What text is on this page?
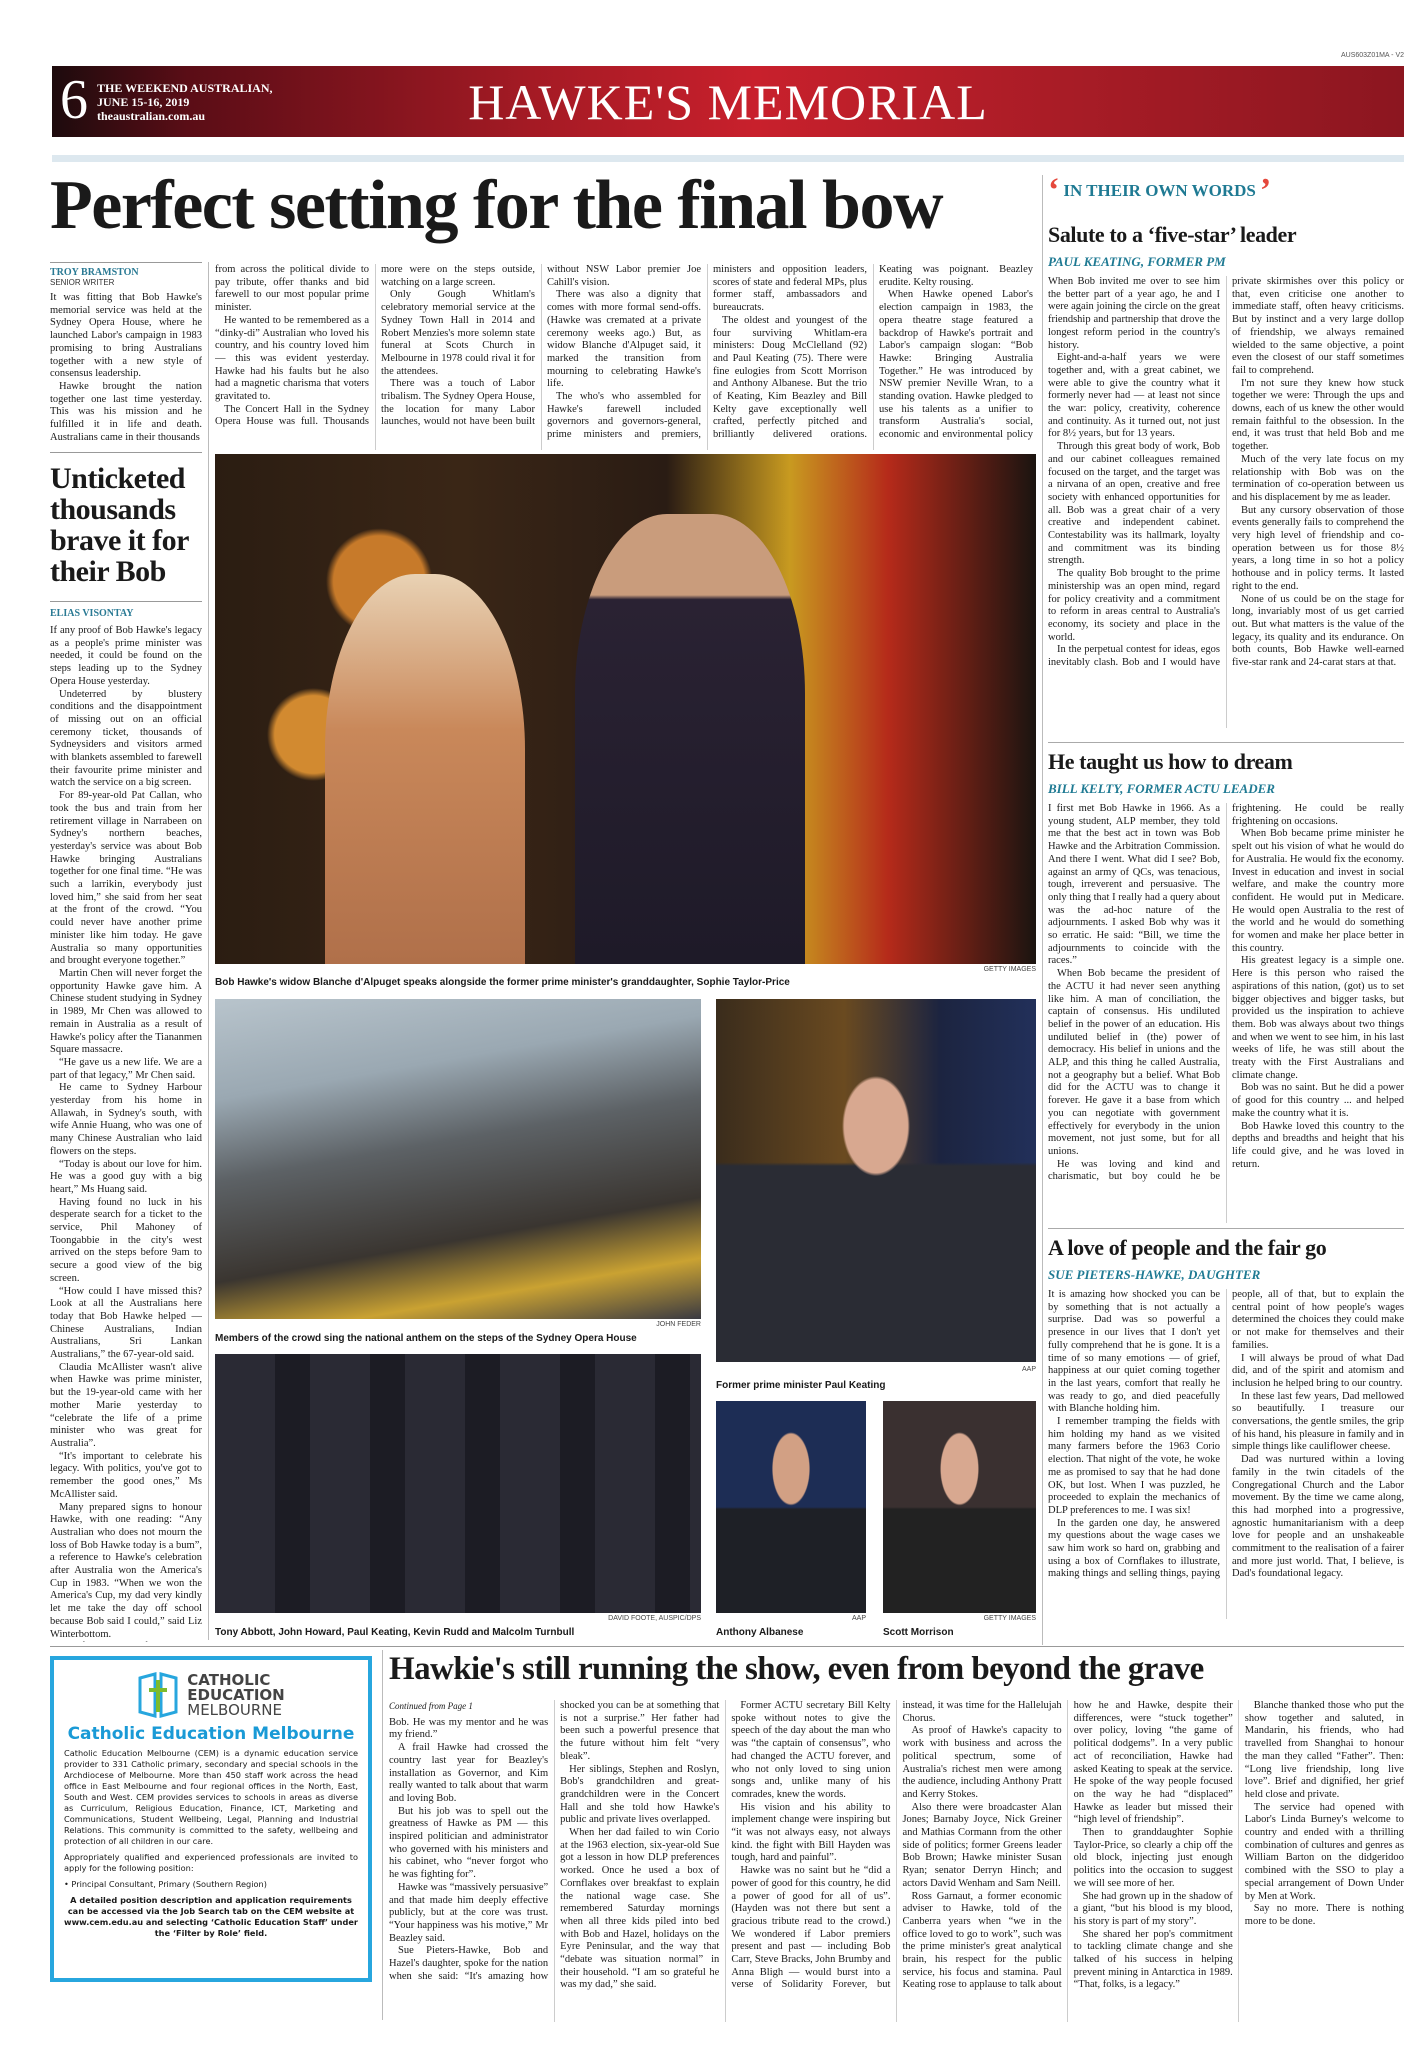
AUS603Z01MA - V2
6 THE WEEKEND AUSTRALIAN,
JUNE 15-16, 2019
theaustralian.com.au	HAWKE'S MEMORIAL
Perfect setting for the final bow
TROY BRAMSTON
SENIOR WRITER

It was fitting that Bob Hawke's memorial service was held at the Sydney Opera House, where he launched Labor's campaign in 1983 promising to bring Australians together with a new style of consensus leadership.

Hawke brought the nation together one last time yesterday. This was his mission and he fulfilled it in life and death. Australians came in their thousands

Unticketed thousands brave it for their Bob
ELIAS VISONTAY

If any proof of Bob Hawke's legacy as a people's prime minister was needed, it could be found on the steps leading up to the Sydney Opera House yesterday.

Undeterred by blustery conditions and the disappointment of missing out on an official ceremony ticket, thousands of Sydneysiders and visitors armed with blankets assembled to farewell their favourite prime minister and watch the service on a big screen.

For 89-year-old Pat Callan, who took the bus and train from her retirement village in Narrabeen on Sydney's northern beaches, yesterday's service was about Bob Hawke bringing Australians together for one final time. “He was such a larrikin, everybody just loved him,” she said from her seat at the front of the crowd. “You could never have another prime minister like him today. He gave Australia so many opportunities and brought everyone together.”

Martin Chen will never forget the opportunity Hawke gave him. A Chinese student studying in Sydney in 1989, Mr Chen was allowed to remain in Australia as a result of Hawke's policy after the Tiananmen Square massacre.

“He gave us a new life. We are a part of that legacy,” Mr Chen said.

He came to Sydney Harbour yesterday from his home in Allawah, in Sydney's south, with wife Annie Huang, who was one of many Chinese Australian who laid flowers on the steps.

“Today is about our love for him. He was a good guy with a big heart,” Ms Huang said.

Having found no luck in his desperate search for a ticket to the service, Phil Mahoney of Toongabbie in the city's west arrived on the steps before 9am to secure a good view of the big screen.

“How could I have missed this? Look at all the Australians here today that Bob Hawke helped — Chinese Australians, Indian Australians, Sri Lankan Australians,” the 67-year-old said.

Claudia McAllister wasn't alive when Hawke was prime minister, but the 19-year-old came with her mother Marie yesterday to “celebrate the life of a prime minister who was great for Australia”.

“It's important to celebrate his legacy. With politics, you've got to remember the good ones,” Ms McAllister said.

Many prepared signs to honour Hawke, with one reading: “Any Australian who does not mourn the loss of Bob Hawke today is a bum”, a reference to Hawke's celebration after Australia won the America's Cup in 1983. “When we won the America's Cup, my dad very kindly let me take the day off school because Bob said I could,” said Liz Winterbottom.

from across the political divide to pay tribute, offer thanks and bid farewell to our most popular prime minister.

He wanted to be remembered as a “dinky-di” Australian who loved his country, and his country loved him — this was evident yesterday. Hawke had his faults but he also had a magnetic charisma that voters gravitated to.

The Concert Hall in the Sydney Opera House was full. Thousands more were on the steps outside, watching on a large screen.

Only Gough Whitlam's celebratory memorial service at the Sydney Town Hall in 2014 and Robert Menzies's more solemn state funeral at Scots Church in Melbourne in 1978 could rival it for the attendees.

There was a touch of Labor tribalism. The Sydney Opera House, the location for many Labor launches, would not have been built without NSW Labor premier Joe Cahill's vision.

There was also a dignity that comes with more formal send-offs. (Hawke was cremated at a private ceremony weeks ago.) But, as widow Blanche d'Alpuget said, it marked the transition from mourning to celebrating Hawke's life.

The who's who assembled for Hawke's farewell included governors and governors-general, prime ministers and premiers, ministers and opposition leaders, scores of state and federal MPs, plus former staff, ambassadors and bureaucrats.

The oldest and youngest of the four surviving Whitlam-era ministers: Doug McClelland (92) and Paul Keating (75). There were fine eulogies from Scott Morrison and Anthony Albanese. But the trio of Keating, Kim Beazley and Bill Kelty gave exceptionally well crafted, perfectly pitched and brilliantly delivered orations. Keating was poignant. Beazley erudite. Kelty rousing.

When Hawke opened Labor's election campaign in 1983, the opera theatre stage featured a backdrop of Hawke's portrait and Labor's campaign slogan: “Bob Hawke: Bringing Australia Together.” He was introduced by NSW premier Neville Wran, to a standing ovation. Hawke pledged to use his talents as a unifier to transform Australia's social, economic and environmental policy

GETTY IMAGES
Bob Hawke's widow Blanche d'Alpuget speaks alongside the former prime minister's granddaughter, Sophie Taylor-Price
JOHN FEDER
Members of the crowd sing the national anthem on the steps of the Sydney Opera House
AAP
Former prime minister Paul Keating
DAVID FOOTE, AUSPIC/DPS
Tony Abbott, John Howard, Paul Keating, Kevin Rudd and Malcolm Turnbull
AAP
Anthony Albanese
GETTY IMAGES
Scott Morrison
‘ IN THEIR OWN WORDS ’
Salute to a ‘five-star’ leader
PAUL KEATING, FORMER PM

When Bob invited me over to see him the better part of a year ago, he and I were again joining the circle on the great friendship and partnership that drove the longest reform period in the country's history.

Eight-and-a-half years we were together and, with a great cabinet, we were able to give the country what it formerly never had — at least not since the war: policy, creativity, coherence and continuity. As it turned out, not just for 8½ years, but for 13 years.

Through this great body of work, Bob and our cabinet colleagues remained focused on the target, and the target was a nirvana of an open, creative and free society with enhanced opportunities for all. Bob was a great chair of a very creative and independent cabinet. Contestability was its hallmark, loyalty and commitment was its binding strength.

The quality Bob brought to the prime ministership was an open mind, regard for policy creativity and a commitment to reform in areas central to Australia's economy, its society and place in the world.

In the perpetual contest for ideas, egos inevitably clash. Bob and I would have private skirmishes over this policy or that, even criticise one another to immediate staff, often heavy criticisms. But by instinct and a very large dollop of friendship, we always remained wielded to the same objective, a point even the closest of our staff sometimes fail to comprehend.

I'm not sure they knew how stuck together we were: Through the ups and downs, each of us knew the other would remain faithful to the obsession. In the end, it was trust that held Bob and me together.

Much of the very late focus on my relationship with Bob was on the termination of co-operation between us and his displacement by me as leader.

But any cursory observation of those events generally fails to comprehend the very high level of friendship and co-operation between us for those 8½ years, a long time in so hot a policy hothouse and in policy terms. It lasted right to the end.

None of us could be on the stage for long, invariably most of us get carried out. But what matters is the value of the legacy, its quality and its endurance. On both counts, Bob Hawke well-earned five-star rank and 24-carat stars at that.

He taught us how to dream
BILL KELTY, FORMER ACTU LEADER

I first met Bob Hawke in 1966. As a young student, ALP member, they told me that the best act in town was Bob Hawke and the Arbitration Commission. And there I went. What did I see? Bob, against an army of QCs, was tenacious, tough, irreverent and persuasive. The only thing that I really had a query about was the ad-hoc nature of the adjournments. I asked Bob why was it so erratic. He said: “Bill, we time the adjournments to coincide with the races.”

When Bob became the president of the ACTU it had never seen anything like him. A man of conciliation, the captain of consensus. His undiluted belief in the power of an education. His undiluted belief in (the) power of democracy. His belief in unions and the ALP, and this thing he called Australia, not a geography but a belief. What Bob did for the ACTU was to change it forever. He gave it a base from which you can negotiate with government effectively for everybody in the union movement, not just some, but for all unions.

He was loving and kind and charismatic, but boy could he be frightening. He could be really frightening on occasions.

When Bob became prime minister he spelt out his vision of what he would do for Australia. He would fix the economy. Invest in education and invest in social welfare, and make the country more confident. He would put in Medicare. He would open Australia to the rest of the world and he would do something for women and make her place better in this country.

His greatest legacy is a simple one. Here is this person who raised the aspirations of this nation, (got) us to set bigger objectives and bigger tasks, but provided us the inspiration to achieve them. Bob was always about two things and when we went to see him, in his last weeks of life, he was still about the treaty with the First Australians and climate change.

Bob was no saint. But he did a power of good for this country ... and helped make the country what it is.

Bob Hawke loved this country to the depths and breadths and height that his life could give, and he was loved in return.

A love of people and the fair go
SUE PIETERS-HAWKE, DAUGHTER

It is amazing how shocked you can be by something that is not actually a surprise. Dad was so powerful a presence in our lives that I don't yet fully comprehend that he is gone. It is a time of so many emotions — of grief, happiness at our quiet coming together in the last years, comfort that really he was ready to go, and died peacefully with Blanche holding him.

I remember tramping the fields with him holding my hand as we visited many farmers before the 1963 Corio election. That night of the vote, he woke me as promised to say that he had done OK, but lost. When I was puzzled, he proceeded to explain the mechanics of DLP preferences to me. I was six!

In the garden one day, he answered my questions about the wage cases we saw him work so hard on, grabbing and using a box of Cornflakes to illustrate, making things and selling things, paying people, all of that, but to explain the central point of how people's wages determined the choices they could make or not make for themselves and their families.

I will always be proud of what Dad did, and of the spirit and atomism and inclusion he helped bring to our country.

In these last few years, Dad mellowed so beautifully. I treasure our conversations, the gentle smiles, the grip of his hand, his pleasure in family and in simple things like cauliflower cheese.

Dad was nurtured within a loving family in the twin citadels of the Congregational Church and the Labor movement. By the time we came along, this had morphed into a progressive, agnostic humanitarianism with a deep love for people and an unshakeable commitment to the realisation of a fairer and more just world. That, I believe, is Dad's foundational legacy.

CATHOLIC
EDUCATION
MELBOURNE
Catholic Education Melbourne

Catholic Education Melbourne (CEM) is a dynamic education service provider to 331 Catholic primary, secondary and special schools in the Archdiocese of Melbourne. More than 450 staff work across the head office in East Melbourne and four regional offices in the North, East, South and West. CEM provides services to schools in areas as diverse as Curriculum, Religious Education, Finance, ICT, Marketing and Communications, Student Wellbeing, Legal, Planning and Industrial Relations. This community is committed to the safety, wellbeing and protection of all children in our care.

Appropriately qualified and experienced professionals are invited to apply for the following position:

• Principal Consultant, Primary (Southern Region)

A detailed position description and application requirements can be accessed via the Job Search tab on the CEM website at www.cem.edu.au and selecting ‘Catholic Education Staff’ under the ‘Filter by Role’ field.

Hawkie's still running the show, even from beyond the grave
Continued from Page 1

Bob. He was my mentor and he was my friend.”

A frail Hawke had crossed the country last year for Beazley's installation as Governor, and Kim really wanted to talk about that warm and loving Bob.

But his job was to spell out the greatness of Hawke as PM — this inspired politician and administrator who governed with his ministers and his cabinet, who “never forgot who he was fighting for”.

Hawke was “massively persuasive” and that made him deeply effective publicly, but at the core was trust. “Your happiness was his motive,” Mr Beazley said.

Sue Pieters-Hawke, Bob and Hazel's daughter, spoke for the nation when she said: “It's amazing how shocked you can be at something that is not a surprise.” Her father had been such a powerful presence that the future without him felt “very bleak”.

Her siblings, Stephen and Roslyn, Bob's grandchildren and great-grandchildren were in the Concert Hall and she told how Hawke's public and private lives overlapped.

When her dad failed to win Corio at the 1963 election, six-year-old Sue got a lesson in how DLP preferences worked. Once he used a box of Cornflakes over breakfast to explain the national wage case. She remembered Saturday mornings when all three kids piled into bed with Bob and Hazel, holidays on the Eyre Peninsular, and the way that “debate was situation normal” in their household. “I am so grateful he was my dad,” she said.

Former ACTU secretary Bill Kelty spoke without notes to give the speech of the day about the man who was “the captain of consensus”, who had changed the ACTU forever, and who not only loved to sing union songs and, unlike many of his comrades, knew the words.

His vision and his ability to implement change were inspiring but “it was not always easy, not always kind. the fight with Bill Hayden was tough, hard and painful”.

Hawke was no saint but he “did a power of good for this country, he did a power of good for all of us”. (Hayden was not there but sent a gracious tribute read to the crowd.) We wondered if Labor premiers present and past — including Bob Carr, Steve Bracks, John Brumby and Anna Bligh — would burst into a verse of Solidarity Forever, but instead, it was time for the Hallelujah Chorus.

As proof of Hawke's capacity to work with business and across the political spectrum, some of Australia's richest men were among the audience, including Anthony Pratt and Kerry Stokes.

Also there were broadcaster Alan Jones; Barnaby Joyce, Nick Greiner and Mathias Cormann from the other side of politics; former Greens leader Bob Brown; Hawke minister Susan Ryan; senator Derryn Hinch; and actors David Wenham and Sam Neill.

Ross Garnaut, a former economic adviser to Hawke, told of the Canberra years when “we in the office loved to go to work”, such was the prime minister's great analytical brain, his respect for the public service, his focus and stamina. Paul Keating rose to applause to talk about how he and Hawke, despite their differences, were “stuck together” over policy, loving “the game of political dodgems”. In a very public act of reconciliation, Hawke had asked Keating to speak at the service. He spoke of the way people focused on the way he had “displaced” Hawke as leader but missed their “high level of friendship”.

Then to granddaughter Sophie Taylor-Price, so clearly a chip off the old block, injecting just enough politics into the occasion to suggest we will see more of her.

She had grown up in the shadow of a giant, “but his blood is my blood, his story is part of my story”.

She shared her pop's commitment to tackling climate change and she talked of his success in helping prevent mining in Antarctica in 1989. “That, folks, is a legacy.”

Blanche thanked those who put the show together and saluted, in Mandarin, his friends, who had travelled from Shanghai to honour the man they called “Father”. Then: “Long live friendship, long live love”. Brief and dignified, her grief held close and private.

The service had opened with Labor's Linda Burney's welcome to country and ended with a thrilling combination of cultures and genres as William Barton on the didgeridoo combined with the SSO to play a special arrangement of Down Under by Men at Work.

Say no more. There is nothing more to be done.
